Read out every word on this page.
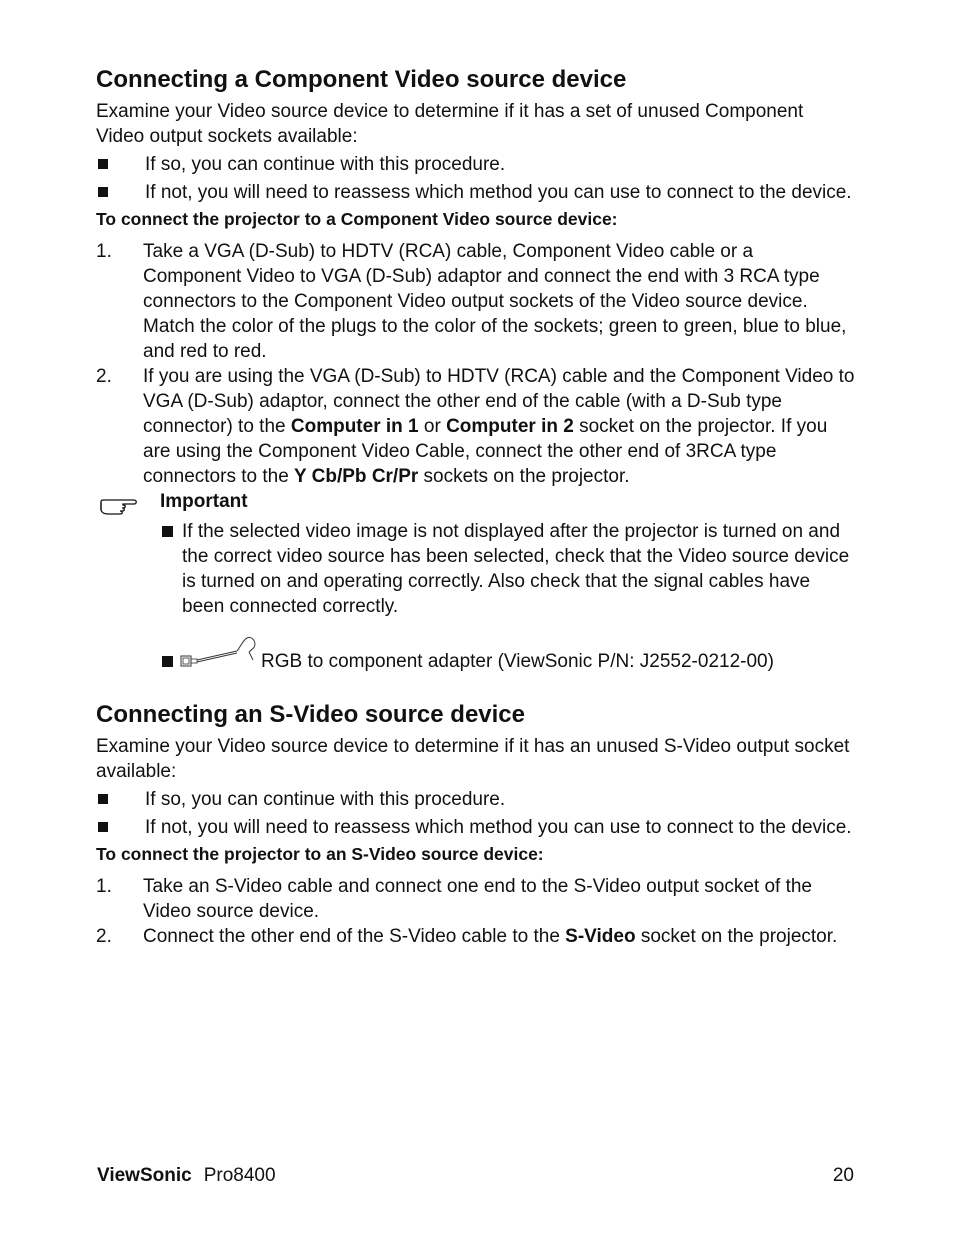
Connecting a Component Video source device

Examine your Video source device to determine if it has a set of unused Component Video output sockets available:

If so, you can continue with this procedure.
If not, you will need to reassess which method you can use to connect to the device.
To connect the projector to a Component Video source device:
1.	Take a VGA (D-Sub) to HDTV (RCA) cable, Component Video cable or a Component Video to VGA (D-Sub) adaptor and connect the end with 3 RCA type connectors to the Component Video output sockets of the Video source device. Match the color of the plugs to the color of the sockets; green to green, blue to blue, and red to red.
2.	If you are using the VGA (D-Sub) to HDTV (RCA) cable and the Component Video to VGA (D-Sub) adaptor, connect the other end of the cable (with a D-Sub type connector) to the Computer in 1 or Computer in 2 socket on the projector. If you are using the Component Video Cable, connect the other end of 3RCA type connectors to the Y Cb/Pb Cr/Pr sockets on the projector.
Important
If the selected video image is not displayed after the projector is turned on and the correct video source has been selected, check that the Video source device is turned on and operating correctly. Also check that the signal cables have been connected correctly.
RGB to component adapter (ViewSonic P/N: J2552-0212-00)
Connecting an S-Video source device

Examine your Video source device to determine if it has an unused S-Video output socket available:

If so, you can continue with this procedure.
If not, you will need to reassess which method you can use to connect to the device.
To connect the projector to an S-Video source device:
1.	Take an S-Video cable and connect one end to the S-Video output socket of the Video source device.
2.	Connect the other end of the S-Video cable to the S-Video socket on the projector.
ViewSonic Pro8400	20
